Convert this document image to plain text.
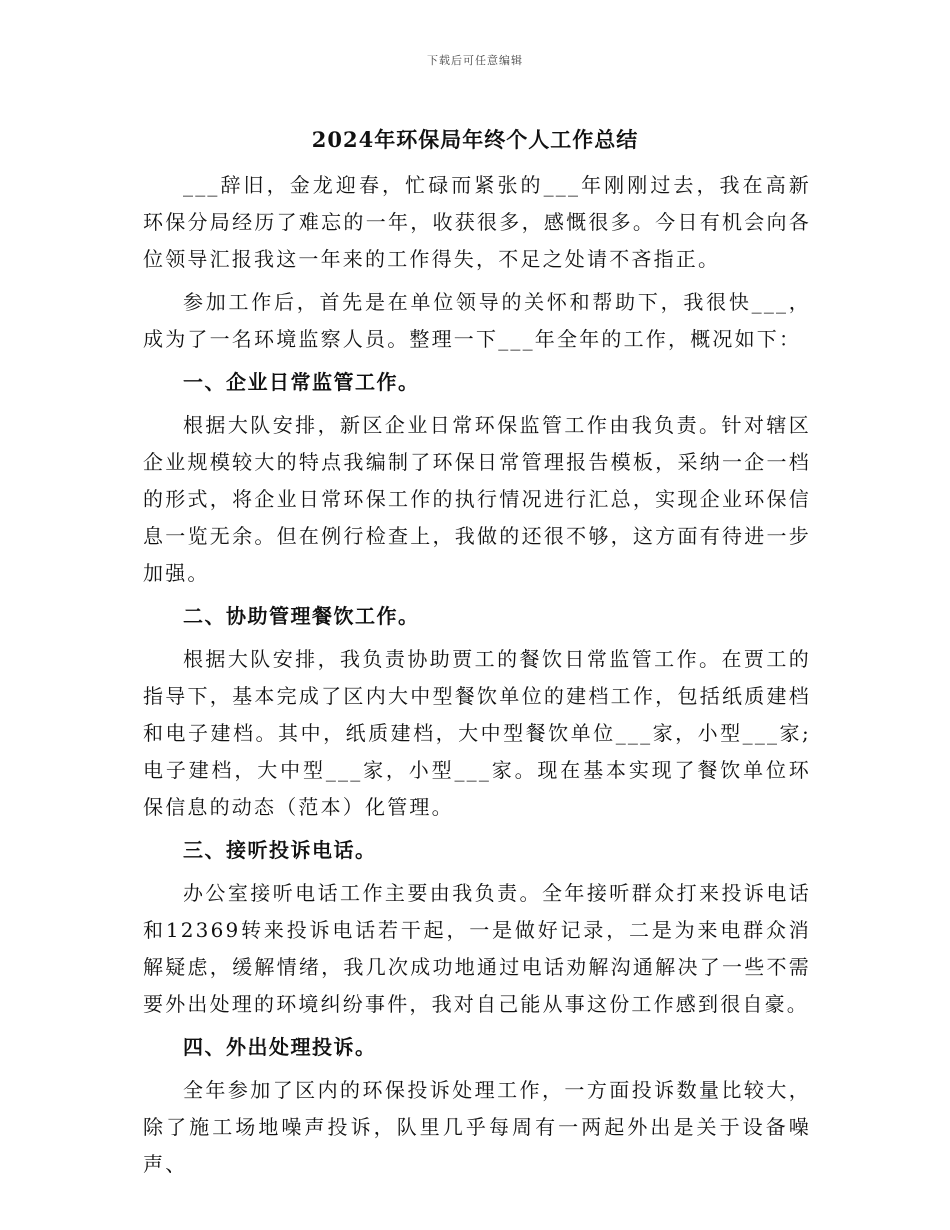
下载后可任意编辑
2024年环保局年终个人工作总结

___辞旧，金龙迎春，忙碌而紧张的___年刚刚过去，我在高新环保分局经历了难忘的一年，收获很多，感慨很多。今日有机会向各位领导汇报我这一年来的工作得失，不足之处请不吝指正。

参加工作后，首先是在单位领导的关怀和帮助下，我很快___，成为了一名环境监察人员。整理一下___年全年的工作，概况如下：

一、企业日常监管工作。

根据大队安排，新区企业日常环保监管工作由我负责。针对辖区企业规模较大的特点我编制了环保日常管理报告模板，采纳一企一档的形式，将企业日常环保工作的执行情况进行汇总，实现企业环保信息一览无余。但在例行检查上，我做的还很不够，这方面有待进一步加强。

二、协助管理餐饮工作。

根据大队安排，我负责协助贾工的餐饮日常监管工作。在贾工的指导下，基本完成了区内大中型餐饮单位的建档工作，包括纸质建档和电子建档。其中，纸质建档，大中型餐饮单位___家，小型___家;电子建档，大中型___家，小型___家。现在基本实现了餐饮单位环保信息的动态（范本）化管理。

三、接听投诉电话。

办公室接听电话工作主要由我负责。全年接听群众打来投诉电话和12369转来投诉电话若干起，一是做好记录，二是为来电群众消解疑虑，缓解情绪，我几次成功地通过电话劝解沟通解决了一些不需要外出处理的环境纠纷事件，我对自己能从事这份工作感到很自豪。

四、外出处理投诉。

全年参加了区内的环保投诉处理工作，一方面投诉数量比较大，除了施工场地噪声投诉，队里几乎每周有一两起外出是关于设备噪声、
